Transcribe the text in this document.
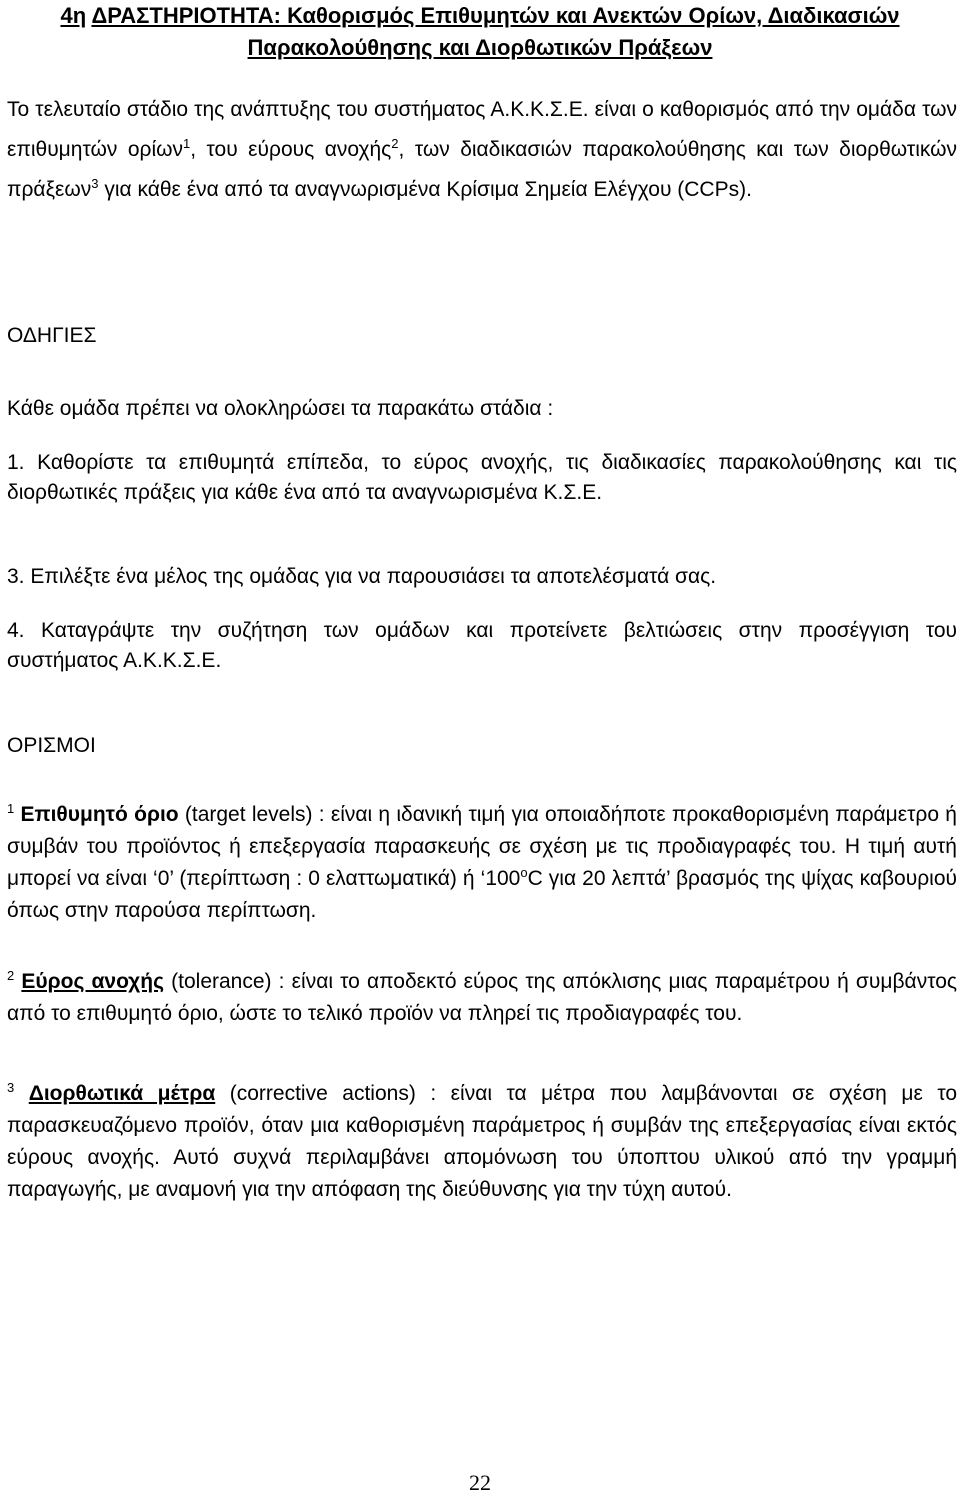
4η ΔΡΑΣΤΗΡΙΟΤΗΤΑ: Καθορισμός Επιθυμητών και Ανεκτών Ορίων, Διαδικασιών
Παρακολούθησης και Διορθωτικών Πράξεων
Το τελευταίο στάδιο της ανάπτυξης του συστήματος Α.Κ.Κ.Σ.Ε. είναι ο καθορισμός από την ομάδα των επιθυμητών ορίων$^1$, του εύρους ανοχής$^2$, των διαδικασιών παρακολούθησης και των διορθωτικών πράξεων$^3$ για κάθε ένα από τα αναγνωρισμένα Κρίσιμα Σημεία Ελέγχου (CCPs).
ΟΔΗΓΙΕΣ
Κάθε ομάδα πρέπει να ολοκληρώσει τα παρακάτω στάδια :
1. Καθορίστε τα επιθυμητά επίπεδα, το εύρος ανοχής, τις διαδικασίες παρακολούθησης και τις διορθωτικές πράξεις για κάθε ένα από τα αναγνωρισμένα Κ.Σ.Ε.
3. Επιλέξτε ένα μέλος της ομάδας για να παρουσιάσει τα αποτελέσματά σας.
4. Καταγράψτε την συζήτηση των ομάδων και προτείνετε βελτιώσεις στην προσέγγιση του συστήματος Α.Κ.Κ.Σ.Ε.
ΟΡΙΣΜΟΙ
$^1$ Επιθυμητό όριο (target levels) : είναι η ιδανική τιμή για οποιαδήποτε προκαθορισμένη παράμετρο ή συμβάν του προϊόντος ή επεξεργασία παρασκευής σε σχέση με τις προδιαγραφές του. Η τιμή αυτή μπορεί να είναι ‘0’ (περίπτωση : 0 ελαττωματικά) ή ‘$100^oC$ για 20 λεπτά’ βρασμός της ψίχας καβουριού όπως στην παρούσα περίπτωση.
$^2$ Εύρος ανοχής (tolerance) : είναι το αποδεκτό εύρος της απόκλισης μιας παραμέτρου ή συμβάντος από το επιθυμητό όριο, ώστε το τελικό προϊόν να πληρεί τις προδιαγραφές του.
$^3$ Διορθωτικά μέτρα (corrective actions) : είναι τα μέτρα που λαμβάνονται σε σχέση με το παρασκευαζόμενο προϊόν, όταν μια καθορισμένη παράμετρος ή συμβάν της επεξεργασίας είναι εκτός εύρους ανοχής. Αυτό συχνά περιλαμβάνει απομόνωση του ύποπτου υλικού από την γραμμή παραγωγής, με αναμονή για την απόφαση της διεύθυνσης για την τύχη αυτού.
22
